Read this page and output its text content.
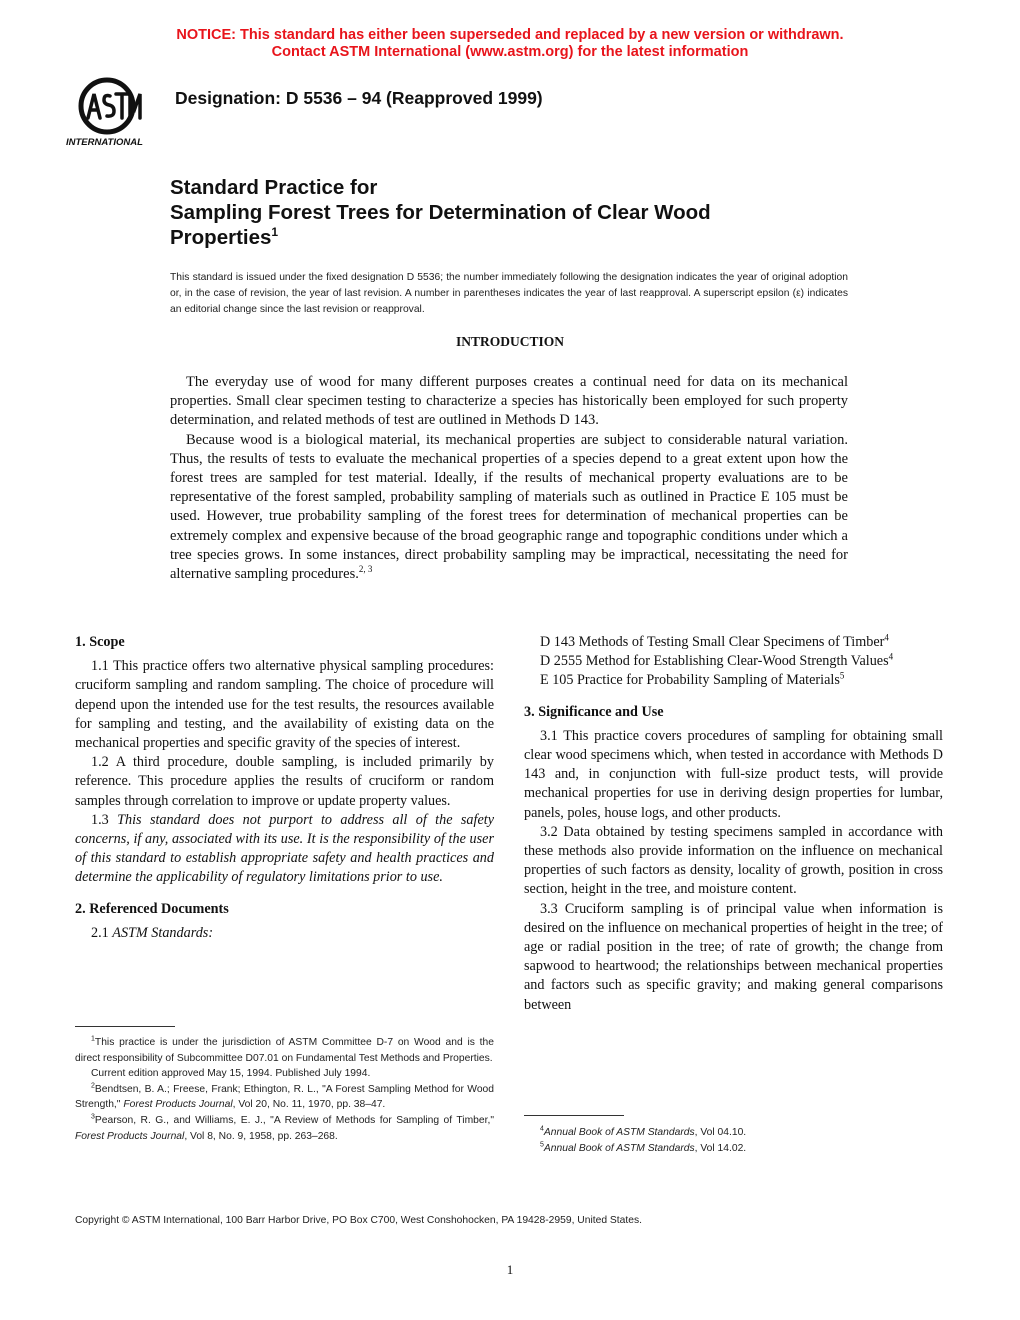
NOTICE: This standard has either been superseded and replaced by a new version or withdrawn.
Contact ASTM International (www.astm.org) for the latest information
INTERNATIONAL
Designation: D 5536 – 94 (Reapproved 1999)
Standard Practice for
Sampling Forest Trees for Determination of Clear Wood
Properties$^1$
This standard is issued under the fixed designation D 5536; the number immediately following the designation indicates the year of original adoption or, in the case of revision, the year of last revision. A number in parentheses indicates the year of last reapproval. A superscript epsilon (ε) indicates an editorial change since the last revision or reapproval.
INTRODUCTION

The everyday use of wood for many different purposes creates a continual need for data on its mechanical properties. Small clear specimen testing to characterize a species has historically been employed for such property determination, and related methods of test are outlined in Methods D 143.

Because wood is a biological material, its mechanical properties are subject to considerable natural variation. Thus, the results of tests to evaluate the mechanical properties of a species depend to a great extent upon how the forest trees are sampled for test material. Ideally, if the results of mechanical property evaluations are to be representative of the forest sampled, probability sampling of materials such as outlined in Practice E 105 must be used. However, true probability sampling of the forest trees for determination of mechanical properties can be extremely complex and expensive because of the broad geographic range and topographic conditions under which a tree species grows. In some instances, direct probability sampling may be impractical, necessitating the need for alternative sampling procedures.$^{2, 3}$

1. Scope

1.1 This practice offers two alternative physical sampling procedures: cruciform sampling and random sampling. The choice of procedure will depend upon the intended use for the test results, the resources available for sampling and testing, and the availability of existing data on the mechanical properties and specific gravity of the species of interest.

1.2 A third procedure, double sampling, is included primarily by reference. This procedure applies the results of cruciform or random samples through correlation to improve or update property values.

1.3 This standard does not purport to address all of the safety concerns, if any, associated with its use. It is the responsibility of the user of this standard to establish appropriate safety and health practices and determine the applicability of regulatory limitations prior to use.

2. Referenced Documents

2.1 ASTM Standards:

$^1$This practice is under the jurisdiction of ASTM Committee D-7 on Wood and is the direct responsibility of Subcommittee D07.01 on Fundamental Test Methods and Properties.

Current edition approved May 15, 1994. Published July 1994.

$^2$Bendtsen, B. A.; Freese, Frank; Ethington, R. L., "A Forest Sampling Method for Wood Strength," Forest Products Journal, Vol 20, No. 11, 1970, pp. 38–47.

$^3$Pearson, R. G., and Williams, E. J., "A Review of Methods for Sampling of Timber," Forest Products Journal, Vol 8, No. 9, 1958, pp. 263–268.

D 143 Methods of Testing Small Clear Specimens of Timber$^4$

D 2555 Method for Establishing Clear-Wood Strength Values$^4$

E 105 Practice for Probability Sampling of Materials$^5$

3. Significance and Use

3.1 This practice covers procedures of sampling for obtaining small clear wood specimens which, when tested in accordance with Methods D 143 and, in conjunction with full-size product tests, will provide mechanical properties for use in deriving design properties for lumbar, panels, poles, house logs, and other products.

3.2 Data obtained by testing specimens sampled in accordance with these methods also provide information on the influence on mechanical properties of such factors as density, locality of growth, position in cross section, height in the tree, and moisture content.

3.3 Cruciform sampling is of principal value when information is desired on the influence on mechanical properties of height in the tree; of age or radial position in the tree; of rate of growth; the change from sapwood to heartwood; the relationships between mechanical properties and factors such as specific gravity; and making general comparisons between

$^4$Annual Book of ASTM Standards, Vol 04.10.

$^5$Annual Book of ASTM Standards, Vol 14.02.

Copyright © ASTM International, 100 Barr Harbor Drive, PO Box C700, West Conshohocken, PA 19428-2959, United States.
1
